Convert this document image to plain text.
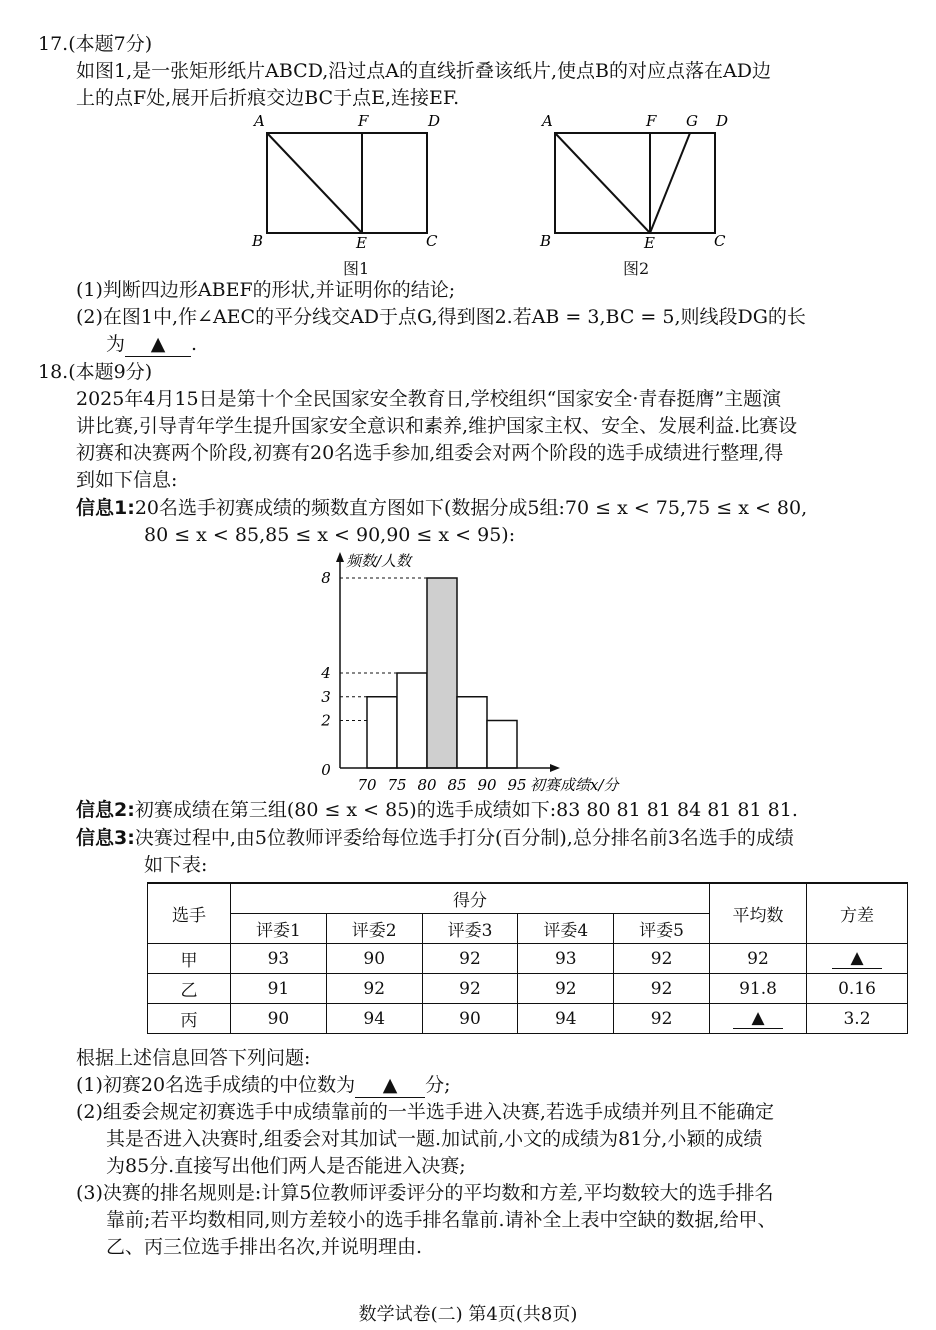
17.(本题7分)
如图1,是一张矩形纸片ABCD,沿过点A的直线折叠该纸片,使点B的对应点落在AD边
上的点F处,展开后折痕交边BC于点E,连接EF.
A	F	D
B	E	C
图1
A	F G D
B	E	C
图2
(1)判断四边形ABEF的形状,并证明你的结论;
(2)在图1中,作∠AEC的平分线交AD于点G,得到图2.若AB = 3,BC = 5,则线段DG的长
为 ▲ .
18.(本题9分)
2025年4月15日是第十个全民国家安全教育日,学校组织“国家安全·青春挺膺”主题演
讲比赛,引导青年学生提升国家安全意识和素养,维护国家主权、安全、发展利益.比赛设
初赛和决赛两个阶段,初赛有20名选手参加,组委会对两个阶段的选手成绩进行整理,得
到如下信息:
信息1:20名选手初赛成绩的频数直方图如下(数据分成5组:70 ≤ x < 75,75 ≤ x < 80,
80 ≤ x < 85,85 ≤ x < 90,90 ≤ x < 95):
0
2
3
4
8
70 75 80 85 90 95
频数/人数
初赛成绩x/分
信息2:初赛成绩在第三组(80 ≤ x < 85)的选手成绩如下:83 80 81 81 84 81 81 81.
信息3:决赛过程中,由5位教师评委给每位选手打分(百分制),总分排名前3名选手的成绩
如下表:
选手	得分					平均数	方差
	评委1	评委2	评委3	评委4	评委5		
甲	93	90	92	93	92	92	▲
乙	91	92	92	92	92	91.8	0.16
丙	90	94	90	94	92	▲	3.2
根据上述信息回答下列问题:
(1)初赛20名选手成绩的中位数为 ▲ 分;
(2)组委会规定初赛选手中成绩靠前的一半选手进入决赛,若选手成绩并列且不能确定
其是否进入决赛时,组委会对其加试一题.加试前,小文的成绩为81分,小颖的成绩
为85分.直接写出他们两人是否能进入决赛;
(3)决赛的排名规则是:计算5位教师评委评分的平均数和方差,平均数较大的选手排名
靠前;若平均数相同,则方差较小的选手排名靠前.请补全上表中空缺的数据,给甲、
乙、丙三位选手排出名次,并说明理由.
数学试卷(二) 第4页(共8页)
